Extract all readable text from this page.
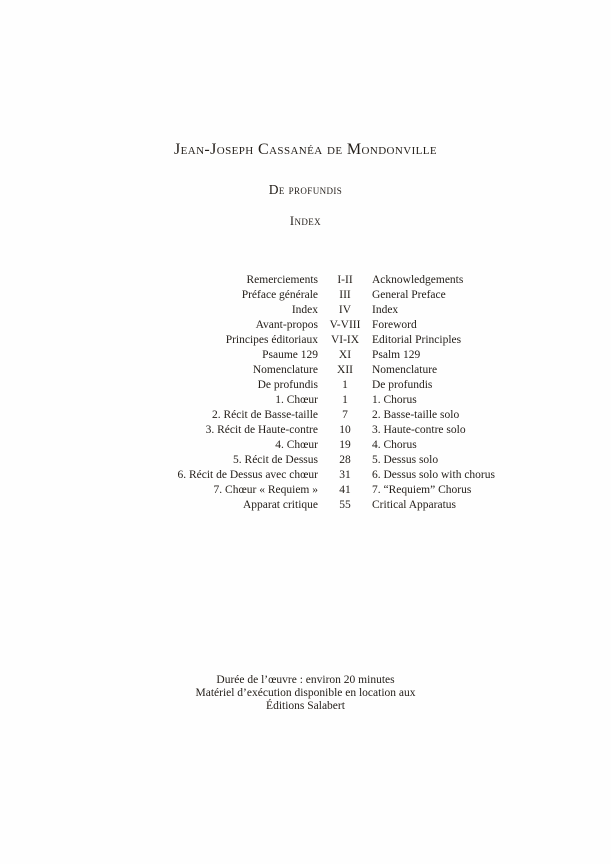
Jean-Joseph Cassanéa de Mondonville
De profundis
Index
Remerciements	I-II	Acknowledgements
Préface générale	III	General Preface
Index	IV	Index
Avant-propos	V-VIII	Foreword
Principes éditoriaux	VI-IX	Editorial Principles
Psaume 129	XI	Psalm 129
Nomenclature	XII	Nomenclature
De profundis	1	De profundis
1. Chœur	1	1. Chorus
2. Récit de Basse-taille	7	2. Basse-taille solo
3. Récit de Haute-contre	10	3. Haute-contre solo
4. Chœur	19	4. Chorus
5. Récit de Dessus	28	5. Dessus solo
6. Récit de Dessus avec chœur	31	6. Dessus solo with chorus
7. Chœur « Requiem »	41	7. “Requiem” Chorus
Apparat critique	55	Critical Apparatus
Durée de l’œuvre : environ 20 minutes
Matériel d’exécution disponible en location aux
Éditions Salabert
